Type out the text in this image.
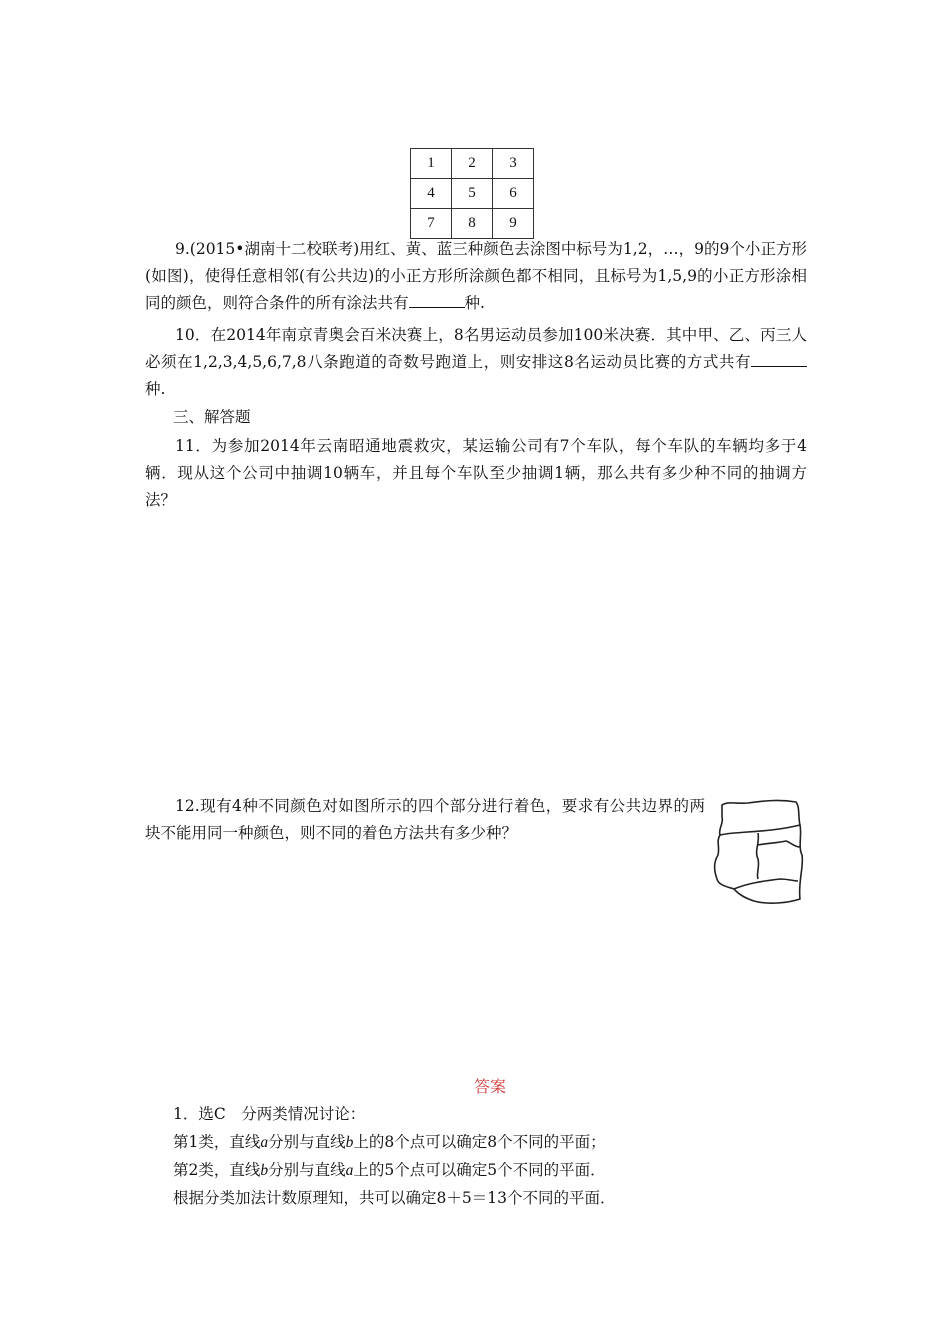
1	2	3
4	5	6
7	8	9

9.(2015•湖南十二校联考)用红、黄、蓝三种颜色去涂图中标号为1,2，…，9的9个小正方形(如图)，使得任意相邻(有公共边)的小正方形所涂颜色都不相同，且标号为1,5,9的小正方形涂相同的颜色，则符合条件的所有涂法共有	种.

10．在2014年南京青奥会百米决赛上，8名男运动员参加100米决赛．其中甲、乙、丙三人必须在1,2,3,4,5,6,7,8八条跑道的奇数号跑道上，则安排这8名运动员比赛的方式共有种.

三、解答题

11．为参加2014年云南昭通地震救灾，某运输公司有7个车队，每个车队的车辆均多于4辆．现从这个公司中抽调10辆车，并且每个车队至少抽调1辆，那么共有多少种不同的抽调方法？

12.现有4种不同颜色对如图所示的四个部分进行着色，要求有公共边界的两块不能用同一种颜色，则不同的着色方法共有多少种？

答案

1．选C　分两类情况讨论：

第1类，直线a分别与直线b上的8个点可以确定8个不同的平面；

第2类，直线b分别与直线a上的5个点可以确定5个不同的平面．

根据分类加法计数原理知，共可以确定8＋5＝13个不同的平面．
